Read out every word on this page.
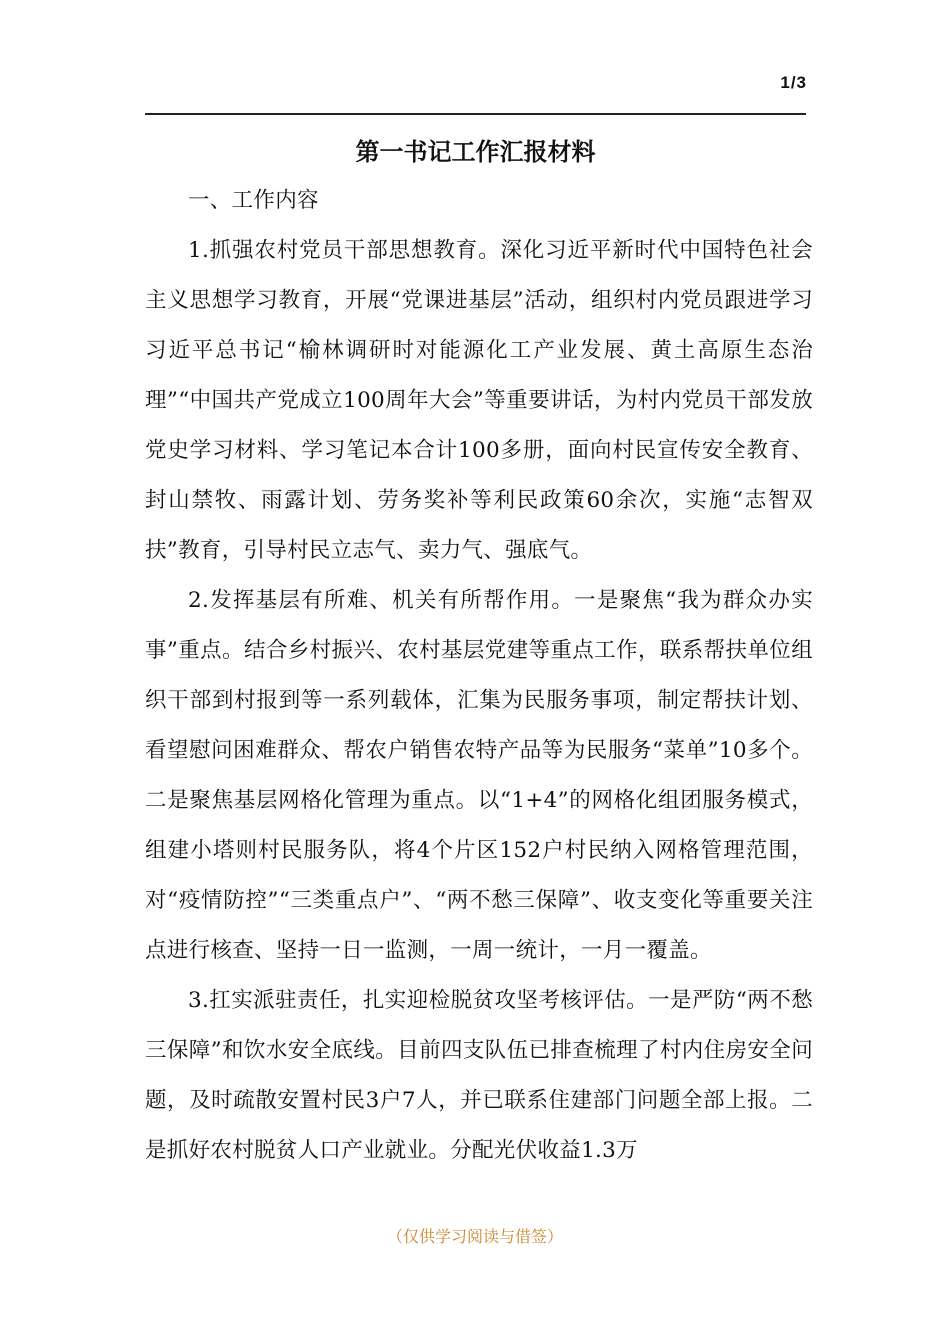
1/3
第一书记工作汇报材料

一、工作内容

1.抓强农村党员干部思想教育。深化习近平新时代中国特色社会主义思想学习教育，开展“党课进基层”活动，组织村内党员跟进学习习近平总书记“榆林调研时对能源化工产业发展、黄土高原生态治理”“中国共产党成立100周年大会”等重要讲话，为村内党员干部发放党史学习材料、学习笔记本合计100多册，面向村民宣传安全教育、封山禁牧、雨露计划、劳务奖补等利民政策60余次，实施“志智双扶”教育，引导村民立志气、卖力气、强底气。

2.发挥基层有所难、机关有所帮作用。一是聚焦“我为群众办实事”重点。结合乡村振兴、农村基层党建等重点工作，联系帮扶单位组织干部到村报到等一系列载体，汇集为民服务事项，制定帮扶计划、看望慰问困难群众、帮农户销售农特产品等为民服务“菜单”10多个。二是聚焦基层网格化管理为重点。以“1+4”的网格化组团服务模式，组建小塔则村民服务队，将4个片区152户村民纳入网格管理范围，对“疫情防控”“三类重点户”、“两不愁三保障”、收支变化等重要关注点进行核查、坚持一日一监测，一周一统计，一月一覆盖。

3.扛实派驻责任，扎实迎检脱贫攻坚考核评估。一是严防“两不愁三保障”和饮水安全底线。目前四支队伍已排查梳理了村内住房安全问题，及时疏散安置村民3户7人，并已联系住建部门问题全部上报。二是抓好农村脱贫人口产业就业。分配光伏收益1.3万

（仅供学习阅读与借签）
